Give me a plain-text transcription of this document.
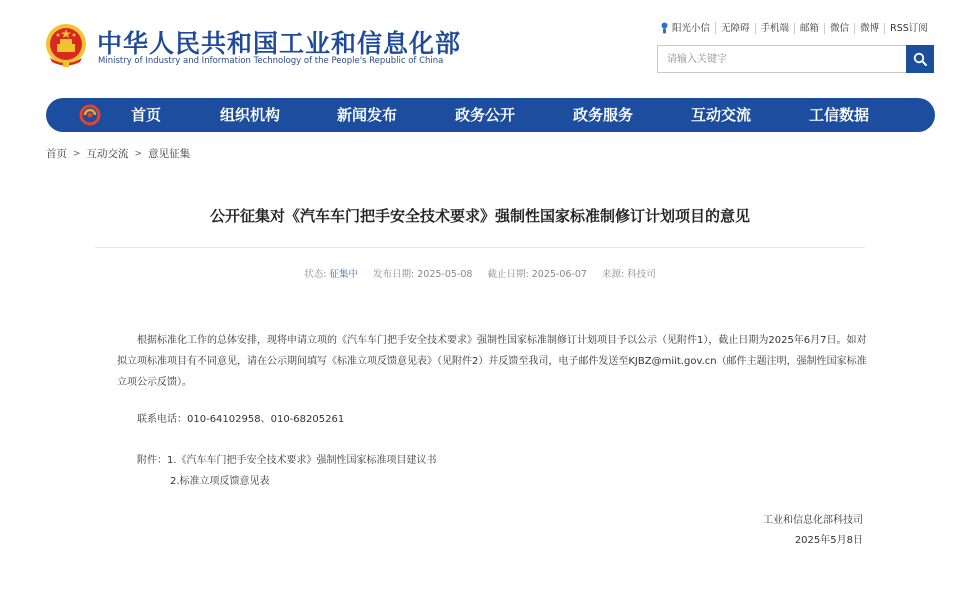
中华人民共和国工业和信息化部
Ministry of Industry and Information Technology of the People's Republic of China
阳光小信	无障碍	手机端	邮箱	微信	微博	RSS订阅
请输入关键字
首页	组织机构	新闻发布	政务公开	政务服务	互动交流	工信数据
首页 > 互动交流 > 意见征集
公开征集对《汽车车门把手安全技术要求》强制性国家标准制修订计划项目的意见
状态: 征集中 发布日期: 2025-05-08 截止日期: 2025-06-07 来源: 科技司

根据标准化工作的总体安排，现将申请立项的《汽车车门把手安全技术要求》强制性国家标准制修订计划项目予以公示（见附件1），截止日期为2025年6月7日。如对拟立项标准项目有不同意见，请在公示期间填写《标准立项反馈意见表》（见附件2）并反馈至我司，电子邮件发送至KJBZ@miit.gov.cn（邮件主题注明，强制性国家标准立项公示反馈）。

联系电话：010-64102958、010-68205261
附件：1.《汽车车门把手安全技术要求》强制性国家标准项目建议书
2.标准立项反馈意见表
工业和信息化部科技司
2025年5月8日
